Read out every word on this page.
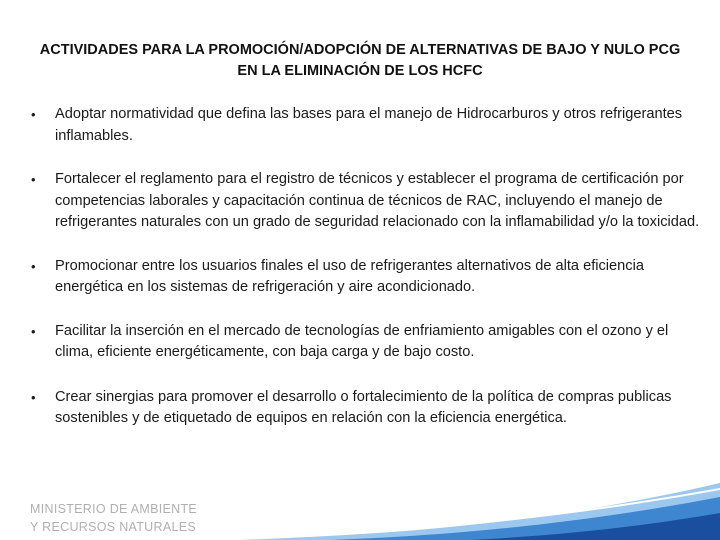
ACTIVIDADES PARA LA PROMOCIÓN/ADOPCIÓN DE ALTERNATIVAS DE BAJO Y NULO PCG EN LA ELIMINACIÓN DE LOS HCFC
• Adoptar normatividad que defina las bases para el manejo de Hidrocarburos y otros refrigerantes inflamables.
• Fortalecer el reglamento para el registro de técnicos y establecer el programa de certificación por competencias laborales y capacitación continua de técnicos de RAC, incluyendo el manejo de refrigerantes naturales con un grado de seguridad relacionado con la inflamabilidad y/o la toxicidad.
• Promocionar entre los usuarios finales el uso de refrigerantes alternativos de alta eficiencia energética en los sistemas de refrigeración y aire acondicionado.
• Facilitar la inserción en el mercado de tecnologías de enfriamiento amigables con el ozono y el clima, eficiente energéticamente, con baja carga y de bajo costo.
• Crear sinergias para promover el desarrollo o fortalecimiento de la política de compras publicas sostenibles y de etiquetado de equipos en relación con la eficiencia energética.
MINISTERIO DE AMBIENTE
Y RECURSOS NATURALES
